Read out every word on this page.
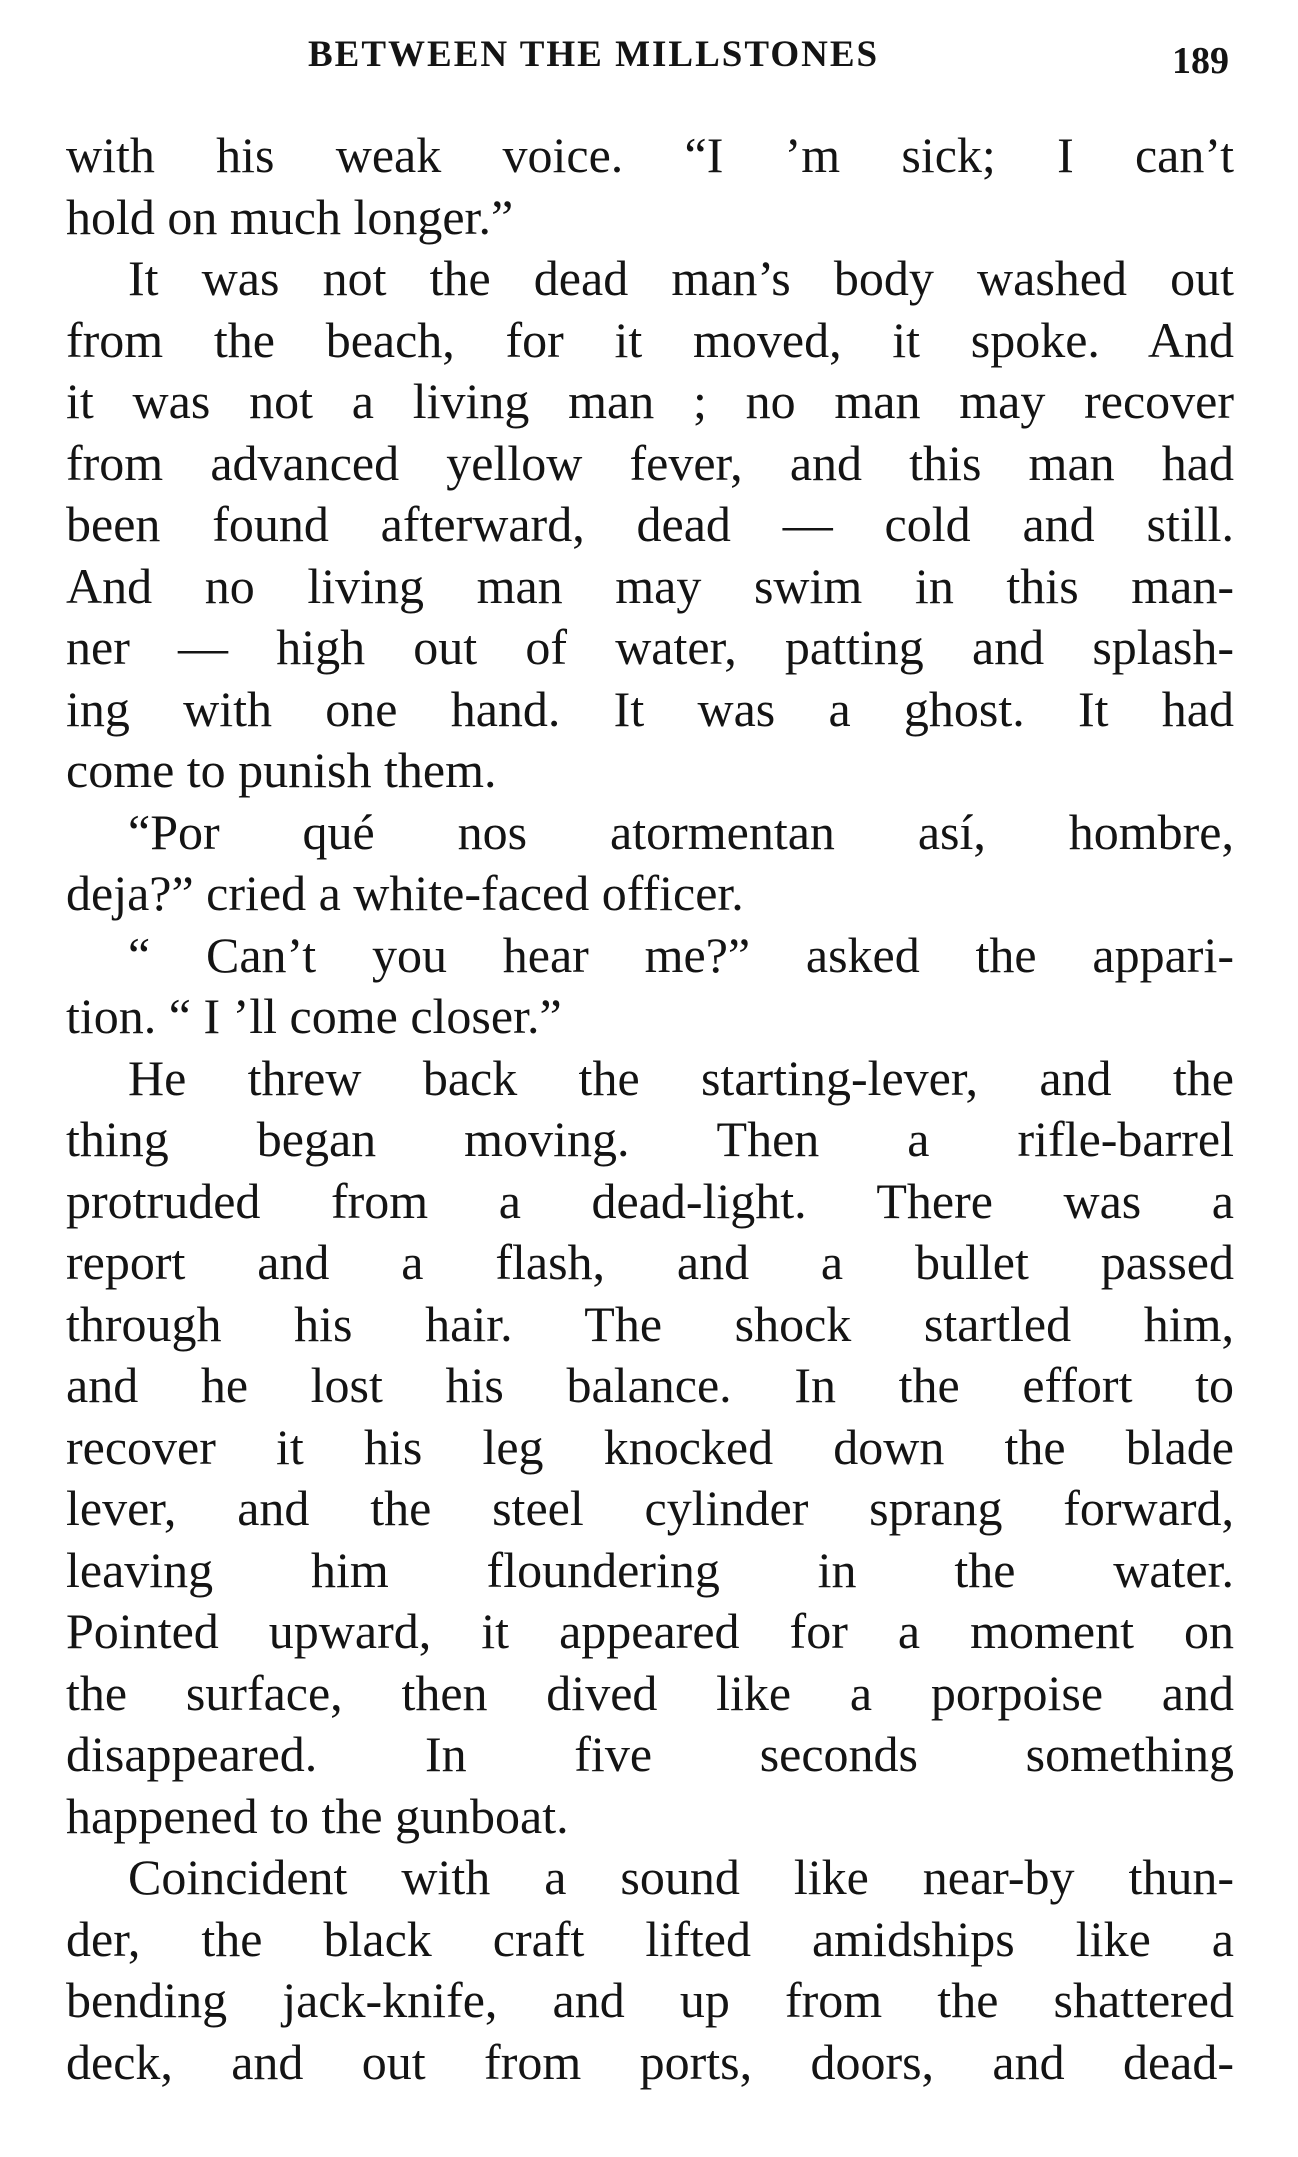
BETWEEN THE MILLSTONES	189
with his weak voice. “I ’m sick; I can’t
hold on much longer.”
It was not the dead man’s body washed out
from the beach, for it moved, it spoke. And
it was not a living man ; no man may recover
from advanced yellow fever, and this man had
been found afterward, dead — cold and still.
And no living man may swim in this man-
ner — high out of water, patting and splash-
ing with one hand. It was a ghost. It had
come to punish them.
“Por qué nos atormentan así, hombre,
deja?” cried a white-faced officer.
“ Can’t you hear me?” asked the appari-
tion. “ I ’ll come closer.”
He threw back the starting-lever, and the
thing began moving. Then a rifle-barrel
protruded from a dead-light. There was a
report and a flash, and a bullet passed
through his hair. The shock startled him,
and he lost his balance. In the effort to
recover it his leg knocked down the blade
lever, and the steel cylinder sprang forward,
leaving him floundering in the water.
Pointed upward, it appeared for a moment on
the surface, then dived like a porpoise and
disappeared. In five seconds something
happened to the gunboat.
Coincident with a sound like near-by thun-
der, the black craft lifted amidships like a
bending jack-knife, and up from the shattered
deck, and out from ports, doors, and dead-
